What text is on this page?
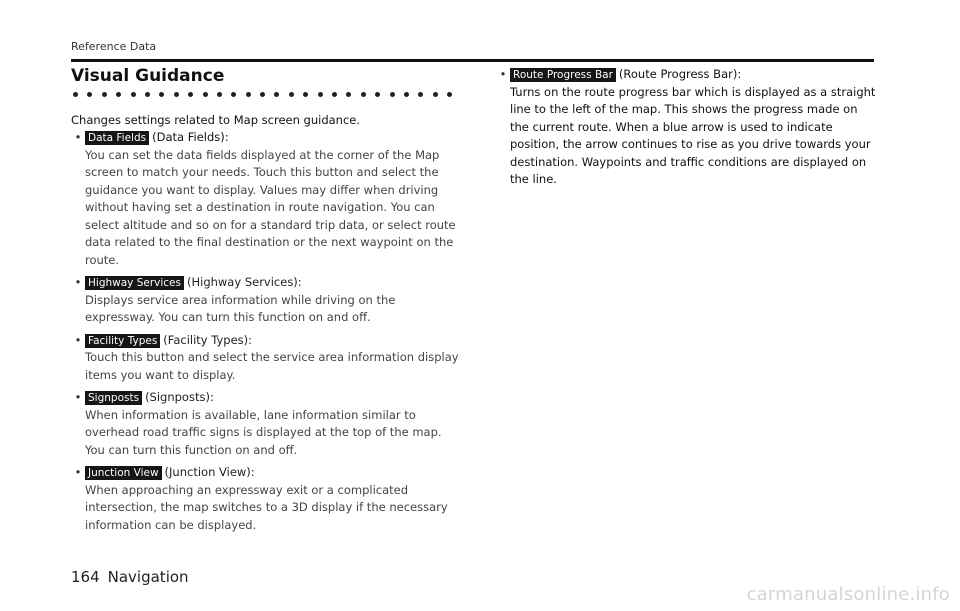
Reference Data
Visual Guidance

Changes settings related to Map screen guidance.

• Data Fields (Data Fields):
You can set the data fields displayed at the corner of the Map screen to match your needs. Touch this button and select the guidance you want to display. Values may differ when driving without having set a destination in route navigation. You can select altitude and so on for a standard trip data, or select route data related to the final destination or the next waypoint on the route.
• Highway Services (Highway Services):
Displays service area information while driving on the expressway. You can turn this function on and off.
• Facility Types (Facility Types):
Touch this button and select the service area information display items you want to display.
• Signposts (Signposts):
When information is available, lane information similar to overhead road traffic signs is displayed at the top of the map. You can turn this function on and off.
• Junction View (Junction View):
When approaching an expressway exit or a complicated intersection, the map switches to a 3D display if the necessary information can be displayed.
• Route Progress Bar (Route Progress Bar):
Turns on the route progress bar which is displayed as a straight line to the left of the map. This shows the progress made on the current route. When a blue arrow is used to indicate position, the arrow continues to rise as you drive towards your destination. Waypoints and traffic conditions are displayed on the line.
164 Navigation
carmanualsonline.info
